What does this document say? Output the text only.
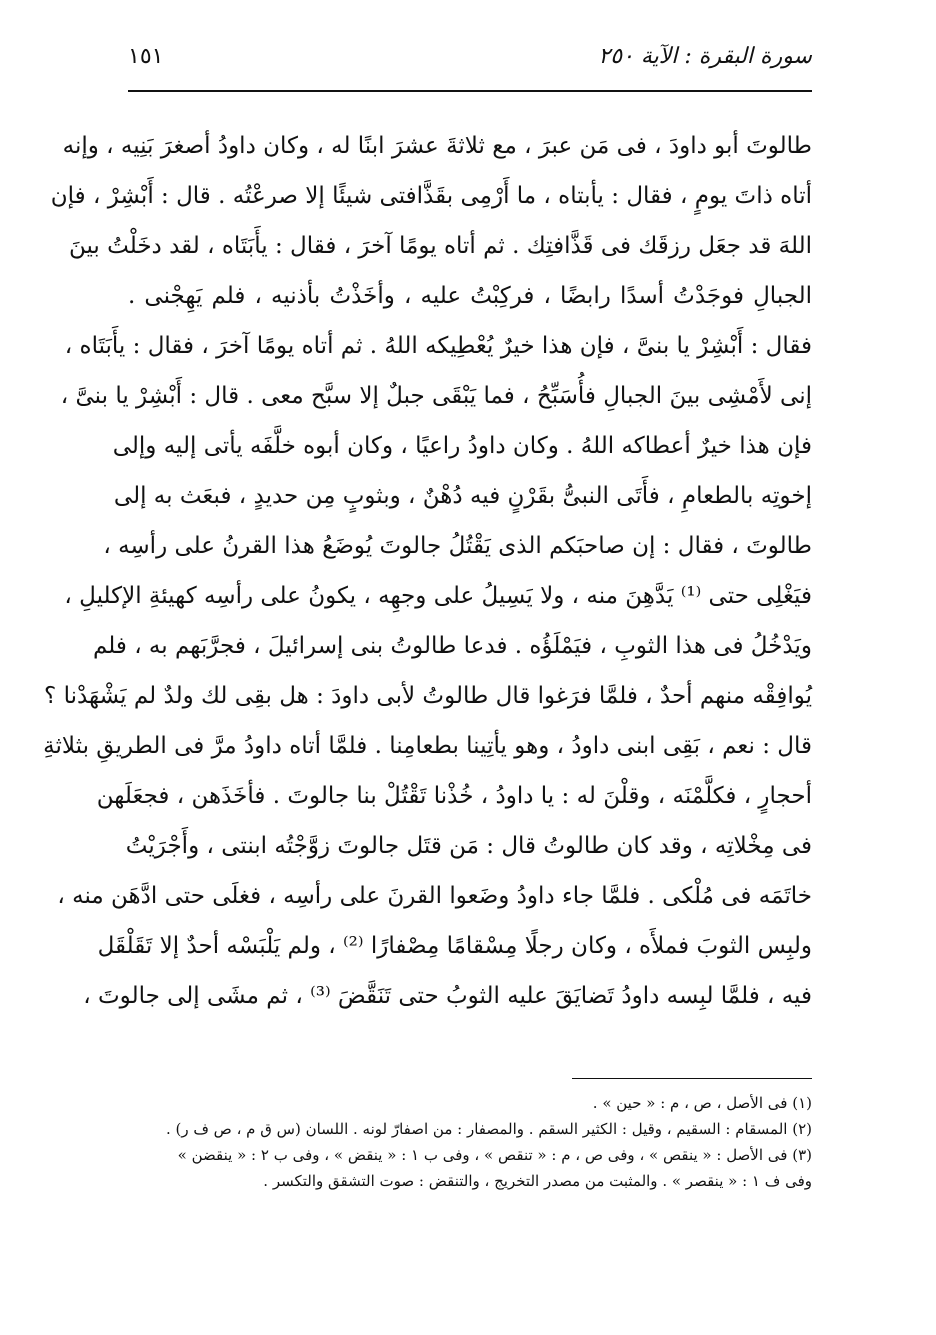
سورة البقرة : الآية ٢٥٠
١٥١
طالوتَ أبو داودَ ، فى مَن عبرَ ، مع ثلاثةَ عشرَ ابنًا له ، وكان داودُ أصغرَ بَنِيه ، وإنه
أتاه ذاتَ يومٍ ، فقال : يأبتاه ، ما أَرْمِى بقَذَّافتى شيئًا إلا صرعْتُه . قال : أَبْشِرْ ، فإن
اللهَ قد جعَل رزقَك فى قَذَّافتِك . ثم أتاه يومًا آخرَ ، فقال : يأَبَتَاه ، لقد دخَلْتُ بينَ
الجبالِ فوجَدْتُ أسدًا رابضًا ، فركِبْتُ عليه ، وأخَذْتُ بأذنيه ، فلم يَهِجْنى .
فقال : أَبْشِرْ يا بنىَّ ، فإن هذا خيرٌ يُعْطِيكه اللهُ . ثم أتاه يومًا آخرَ ، فقال : يأَبَتَاه ،
إنى لأَمْشِى بينَ الجبالِ فأُسَبِّحُ ، فما يَبْقَى جبلٌ إلا سبَّح معى . قال : أَبْشِرْ يا بنىَّ ،
فإن هذا خيرٌ أعطاكه اللهُ . وكان داودُ راعيًا ، وكان أبوه خلَّفَه يأتى إليه وإلى
إخوتِه بالطعامِ ، فأَتَى النبىُّ بقَرْنٍ فيه دُهْنٌ ، وبثوبٍ مِن حديدٍ ، فبعَث به إلى
طالوتَ ، فقال : إن صاحبَكم الذى يَقْتُلُ جالوتَ يُوضَعُ هذا القرنُ على رأسِه ،
فيَغْلِى حتى ⁽¹⁾ يَدَّهِنَ منه ، ولا يَسِيلُ على وجهِه ، يكونُ على رأسِه كهيئةِ الإكليلِ ،
ويَدْخُلُ فى هذا الثوبِ ، فيَمْلَؤُه . فدعا طالوتُ بنى إسرائيلَ ، فجرَّبَهم به ، فلم
يُوافِقْه منهم أحدٌ ، فلمَّا فرَغوا قال طالوتُ لأبى داودَ : هل بقِى لك ولدٌ لم يَشْهَدْنا ؟
قال : نعم ، بَقِى ابنى داودُ ، وهو يأتِينا بطعامِنا . فلمَّا أتاه داودُ مرَّ فى الطريقِ بثلاثةِ
أحجارٍ ، فكلَّمْنَه ، وقلْنَ له : يا داودُ ، خُذْنا تَقْتُلْ بنا جالوتَ . فأخَذَهن ، فجعَلَهن
فى مِخْلاتِه ، وقد كان طالوتُ قال : مَن قتَل جالوتَ زوَّجْتُه ابنتى ، وأَجْرَيْتُ
خاتَمَه فى مُلْكى . فلمَّا جاء داودُ وضَعوا القرنَ على رأسِه ، فغلَى حتى ادَّهَن منه ،
ولبِس الثوبَ فملأَه ، وكان رجلًا مِسْقامًا مِصْفارًا ⁽²⁾ ، ولم يَلْبَسْه أحدٌ إلا تَقَلْقَل
فيه ، فلمَّا لبِسه داودُ تَضايَقَ عليه الثوبُ حتى تَنَقَّضَ ⁽³⁾ ، ثم مشَى إلى جالوتَ ،
(١) فى الأصل ، ص ، م : « حين » .
(٢) المسقام : السقيم ، وقيل : الكثير السقم . والمصفار : من اصفارّ لونه . اللسان (س ق م ، ص ف ر) .
(٣) فى الأصل : « ينقص » ، وفى ص ، م : « تنقص » ، وفى ب ١ : « ينقض » ، وفى ب ٢ : « ينقضن »
وفى ف ١ : « ينقصر » . والمثبت من مصدر التخريج ، والتنقض : صوت التشقق والتكسر .
